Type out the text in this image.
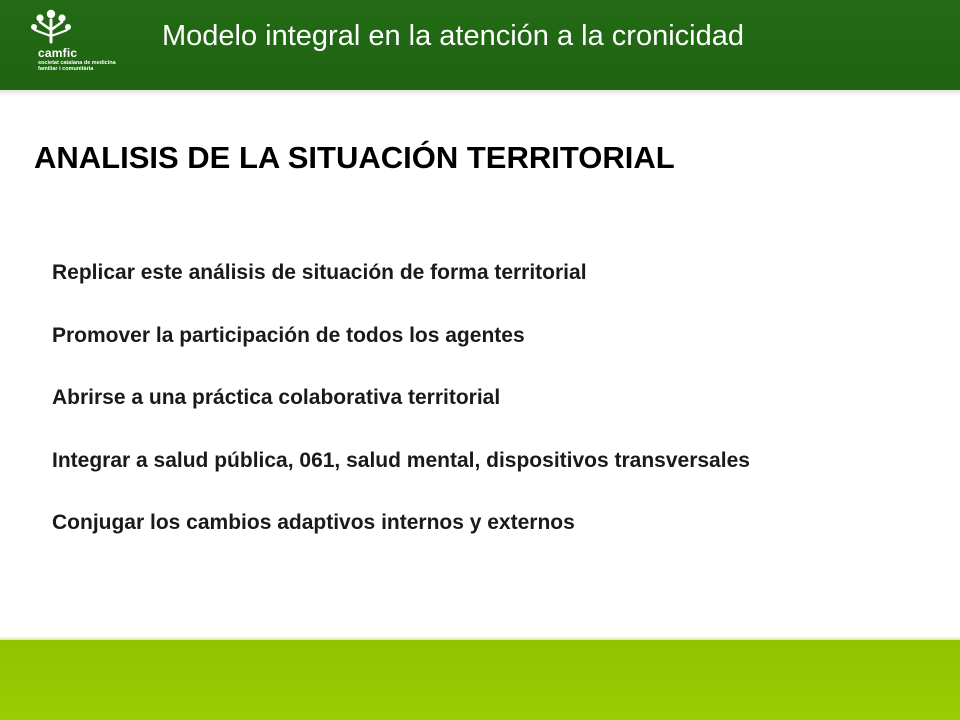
camfic
societat catalana de medicina familiar i comunitària
Modelo integral en la atención a la cronicidad
ANALISIS DE LA SITUACIÓN TERRITORIAL
Replicar este análisis de situación de forma territorial
Promover la participación de todos los agentes
Abrirse a una práctica colaborativa territorial
Integrar a salud pública, 061, salud mental, dispositivos transversales
Conjugar los cambios adaptivos internos y externos
